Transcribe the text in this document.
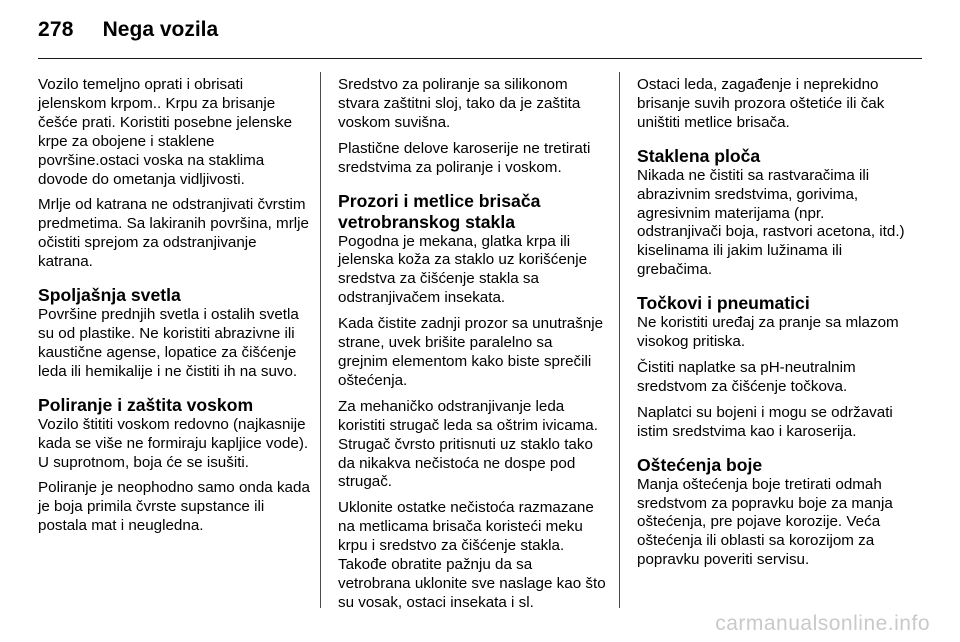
278 Nega vozila

Vozilo temeljno oprati i obrisati jelenskom krpom.. Krpu za brisanje češće prati. Koristiti posebne jelenske krpe za obojene i staklene površine.ostaci voska na staklima dovode do ometanja vidljivosti.

Mrlje od katrana ne odstranjivati čvrstim predmetima. Sa lakiranih površina, mrlje očistiti sprejom za odstranjivanje katrana.

Spoljašnja svetla

Površine prednjih svetla i ostalih svetla su od plastike. Ne koristiti abrazivne ili kaustične agense, lopatice za čišćenje leda ili hemikalije i ne čistiti ih na suvo.

Poliranje i zaštita voskom

Vozilo štititi voskom redovno (najkasnije kada se više ne formiraju kapljice vode). U suprotnom, boja će se isušiti.

Poliranje je neophodno samo onda kada je boja primila čvrste supstance ili postala mat i neugledna.

Sredstvo za poliranje sa silikonom stvara zaštitni sloj, tako da je zaštita voskom suvišna.

Plastične delove karoserije ne tretirati sredstvima za poliranje i voskom.

Prozori i metlice brisača vetrobranskog stakla

Pogodna je mekana, glatka krpa ili jelenska koža za staklo uz korišćenje sredstva za čišćenje stakla sa odstranjivačem insekata.

Kada čistite zadnji prozor sa unutrašnje strane, uvek brišite paralelno sa grejnim elementom kako biste sprečili oštećenja.

Za mehaničko odstranjivanje leda koristiti strugač leda sa oštrim ivicama. Strugač čvrsto pritisnuti uz staklo tako da nikakva nečistoća ne dospe pod strugač.

Uklonite ostatke nečistoća razmazane na metlicama brisača koristeći meku krpu i sredstvo za čišćenje stakla. Takođe obratite pažnju da sa vetrobrana uklonite sve naslage kao što su vosak, ostaci insekata i sl.

Ostaci leda, zagađenje i neprekidno brisanje suvih prozora oštetiće ili čak uništiti metlice brisača.

Staklena ploča

Nikada ne čistiti sa rastvaračima ili abrazivnim sredstvima, gorivima, agresivnim materijama (npr. odstranjivači boja, rastvori acetona, itd.) kiselinama ili jakim lužinama ili grebačima.

Točkovi i pneumatici

Ne koristiti uređaj za pranje sa mlazom visokog pritiska.

Čistiti naplatke sa pH-neutralnim sredstvom za čišćenje točkova.

Naplatci su bojeni i mogu se održavati istim sredstvima kao i karoserija.

Oštećenja boje

Manja oštećenja boje tretirati odmah sredstvom za popravku boje za manja oštećenja, pre pojave korozije. Veća oštećenja ili oblasti sa korozijom za popravku poveriti servisu.

carmanualsonline.info
